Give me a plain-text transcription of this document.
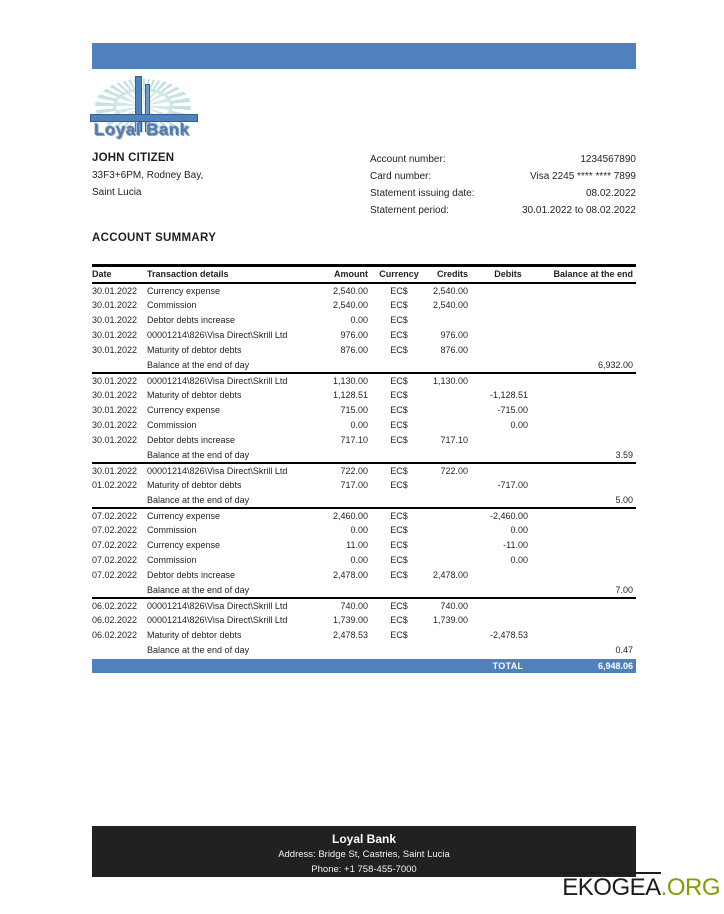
Loyal Bank
JOHN CITIZEN
33F3+6PM, Rodney Bay,
Saint Lucia
Account number:	1234567890
Card number:	Visa 2245 **** **** 7899
Statement issuing date:	08.02.2022
Statement period:	30.01.2022 to 08.02.2022
ACCOUNT SUMMARY
Date	Transaction details	Amount	Currency	Credits	Debits	Balance at the end
30.01.2022	Currency expense	2,540.00	EC$	2,540.00		
30.01.2022	Commission	2,540.00	EC$	2,540.00		
30.01.2022	Debtor debts increase	0.00	EC$			
30.01.2022	00001214\826\Visa Direct\Skrill Ltd	976.00	EC$	976.00		
30.01.2022	Maturity of debtor debts	876.00	EC$	876.00		
	Balance at the end of day					6,932.00
30.01.2022	00001214\826\Visa Direct\Skrill Ltd	1,130.00	EC$	1,130.00		
30.01.2022	Maturity of debtor debts	1,128.51	EC$		-1,128.51	
30.01.2022	Currency expense	715.00	EC$		-715.00	
30.01.2022	Commission	0.00	EC$		0.00	
30.01.2022	Debtor debts increase	717.10	EC$	717.10		
	Balance at the end of day					3.59
30.01.2022	00001214\826\Visa Direct\Skrill Ltd	722.00	EC$	722.00		
01.02.2022	Maturity of debtor debts	717.00	EC$		-717.00	
	Balance at the end of day					5.00
07.02.2022	Currency expense	2,460.00	EC$		-2,460.00	
07.02.2022	Commission	0.00	EC$		0.00	
07.02.2022	Currency expense	11.00	EC$		-11.00	
07.02.2022	Commission	0.00	EC$		0.00	
07.02.2022	Debtor debts increase	2,478.00	EC$	2,478.00		
	Balance at the end of day					7.00
06.02.2022	00001214\826\Visa Direct\Skrill Ltd	740.00	EC$	740.00		
06.02.2022	00001214\826\Visa Direct\Skrill Ltd	1,739.00	EC$	1,739.00		
06.02.2022	Maturity of debtor debts	2,478.53	EC$		-2,478.53	
	Balance at the end of day					0.47
					TOTAL	6,948.06
Loyal Bank
Address: Bridge St, Castries, Saint Lucia
Phone: +1 758-455-7000
EKOGEA.ORG
